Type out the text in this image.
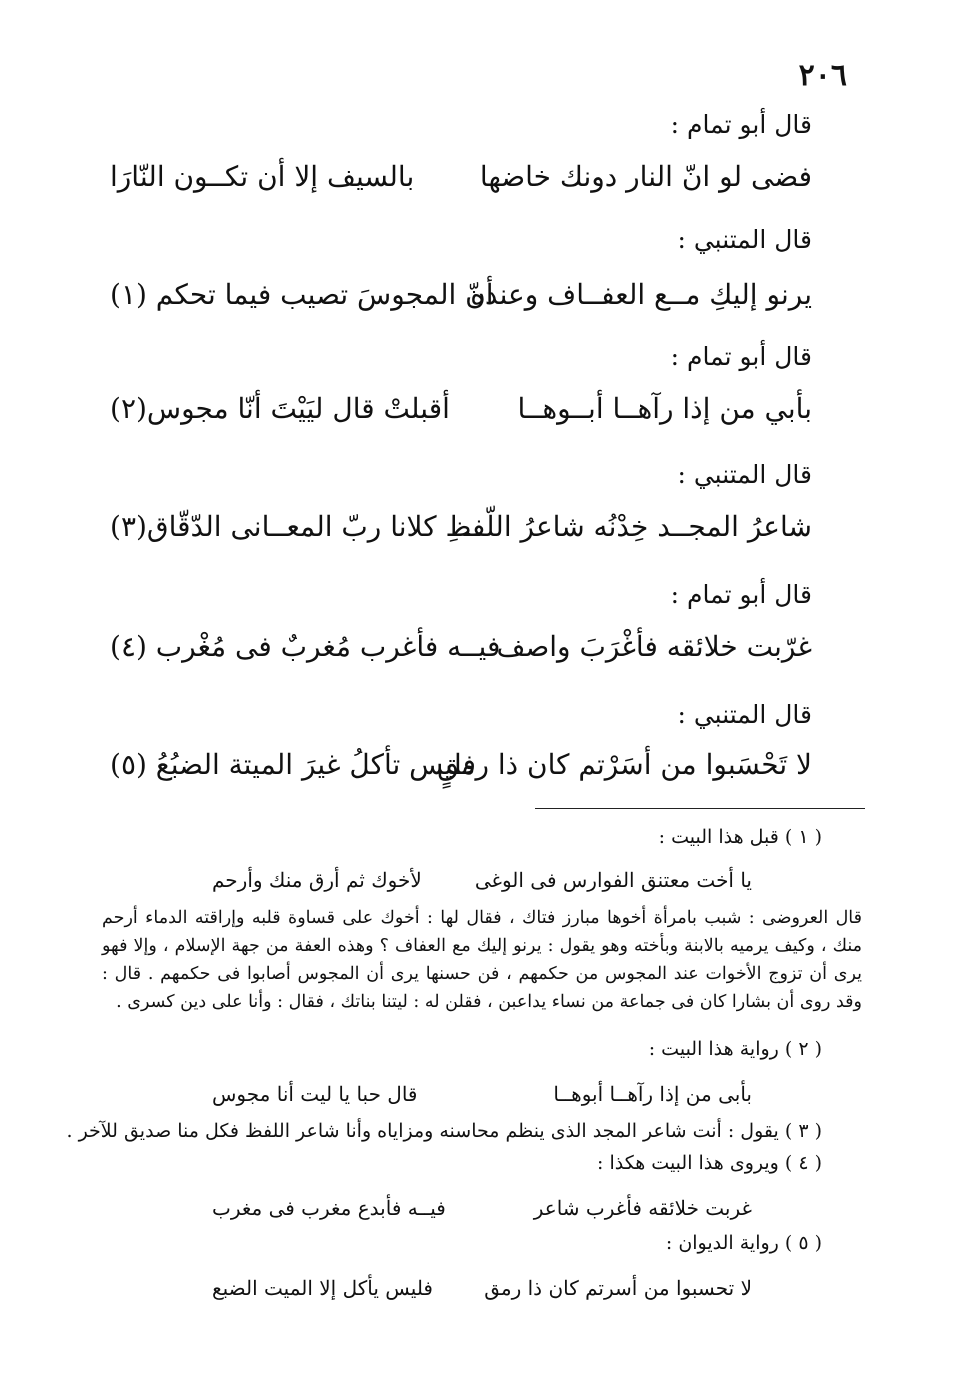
٢٠٦
قال أبو تمام :
فضى لو انّ النار دونك خاضها
بالسيف إلا أن تكــون النّارَا
قال المتنبي :
يرنو إليكِ مــع العفــاف وعنده
أنّ المجوسَ تصيب فيما تحكم (١)
قال أبو تمام :
بأبي من إذا رآهــا أبــوهــا
أقبلتْ قال ليَيْتَ أنّا مجوس(٢)
قال المتنبي :
شاعرُ المجــد خِدْنُه شاعرُ اللّفـ
ـظِ كلانا ربّ المعــانى الدّقّاق(٣)
قال أبو تمام :
غرّبت خلائقه فأغْرَبَ واصف
فيــه فأغرب مُغربٌ فى مُغْرب (٤)
قال المتنبي :
لا تَحْسَبوا من أسَرْتم كان ذا رمقٍ
فليس تأكلُ غيرَ الميتة الضبُعُ (٥)
( ١ ) قبل هذا البيت :
يا أخت معتنق الفوارس فى الوغى
لأخوك ثم أرق منك وأرحم
قال العروضى : شبب بامرأة أخوها مبارز فتاك ، فقال لها : أخوك على قساوة قلبه وإراقته الدماء أرحم منك ، وكيف يرميه بالابنة وبأخته وهو يقول : يرنو إليك مع العفاف ؟ وهذه العفة من جهة الإسلام ، وإلا فهو يرى أن تزوج الأخوات عند المجوس من حكمهم ، فن حسنها يرى أن المجوس أصابوا فى حكمهم . قال : وقد روى أن بشارا كان فى جماعة من نساء يداعبن ، فقلن له : ليتنا بناتك ، فقال : وأنا على دين كسرى .
( ٢ ) رواية هذا البيت :
بأبى من إذا رآهــا أبوهــا
قال حبا يا ليت أنا مجوس
( ٣ ) يقول : أنت شاعر المجد الذى ينظم محاسنه ومزاياه وأنا شاعر اللفظ فكل منا صديق للآخر .
( ٤ ) ويروى هذا البيت هكذا :
غربت خلائقه فأغرب شاعر
فيــه فأبدع مغرب فى مغرب
( ٥ ) رواية الديوان :
لا تحسبوا من أسرتم كان ذا رمق
فليس يأكل إلا الميت الضبع
